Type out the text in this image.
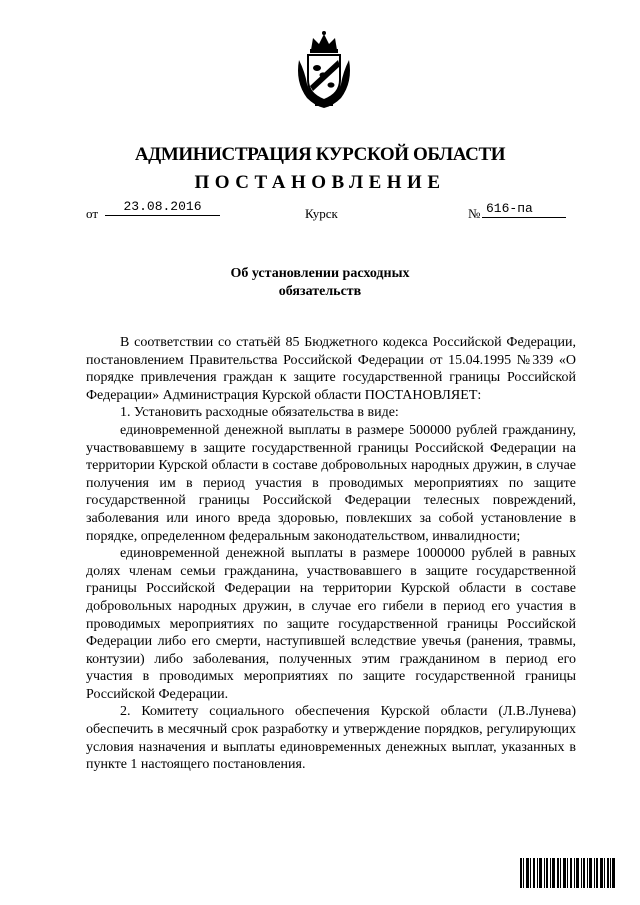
АДМИНИСТРАЦИЯ КУРСКОЙ ОБЛАСТИ
ПОСТАНОВЛЕНИЕ
от	23.08.2016	Курск	№ 616-па
Об установлении расходных
обязательств

В соответствии со статьёй 85 Бюджетного кодекса Российской Федерации, постановлением Правительства Российской Федерации от 15.04.1995 №339 «О порядке привлечения граждан к защите государственной границы Российской Федерации» Администрация Курской области ПОСТАНОВЛЯЕТ:

1. Установить расходные обязательства в виде:

единовременной денежной выплаты в размере 500000 рублей гражданину, участвовавшему в защите государственной границы Российской Федерации на территории Курской области в составе добровольных народных дружин, в случае получения им в период участия в проводимых мероприятиях по защите государственной границы Российской Федерации телесных повреждений, заболевания или иного вреда здоровью, повлекших за собой установление в порядке, определенном федеральным законодательством, инвалидности;

единовременной денежной выплаты в размере 1000000 рублей в равных долях членам семьи гражданина, участвовавшего в защите государственной границы Российской Федерации на территории Курской области в составе добровольных народных дружин, в случае его гибели в период его участия в проводимых мероприятиях по защите государственной границы Российской Федерации либо его смерти, наступившей вследствие увечья (ранения, травмы, контузии) либо заболевания, полученных этим гражданином в период его участия в проводимых мероприятиях по защите государственной границы Российской Федерации.

2. Комитету социального обеспечения Курской области (Л.В.Лунева) обеспечить в месячный срок разработку и утверждение порядков, регулирующих условия назначения и выплаты единовременных денежных выплат, указанных в пункте 1 настоящего постановления.
